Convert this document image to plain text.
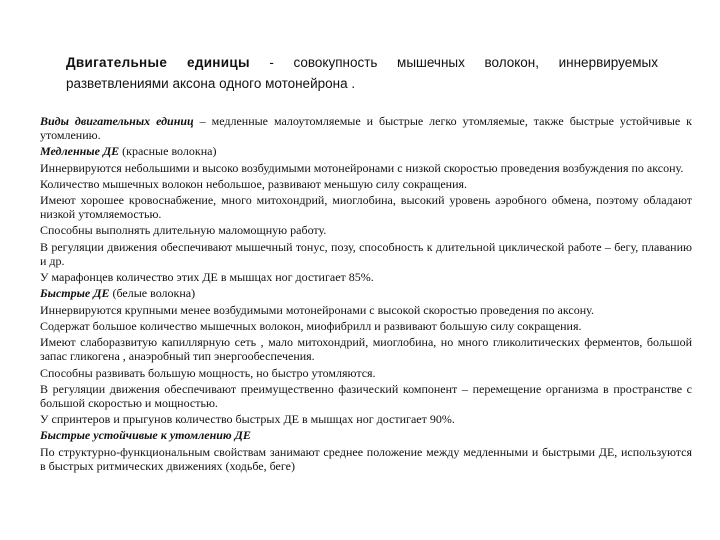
Двигательные единицы - совокупность мышечных волокон, иннервируемых
разветвлениями аксона одного мотонейрона .
Виды двигательных единиц – медленные малоутомляемые и быстрые легко утомляемые, также быстрые устойчивые к утомлению.
Медленные ДЕ (красные волокна)
Иннервируются небольшими и высоко возбудимыми мотонейронами с низкой скоростью проведения возбуждения по аксону.
Количество мышечных волокон небольшое, развивают меньшую силу сокращения.
Имеют хорошее кровоснабжение, много митохондрий, миоглобина, высокий уровень аэробного обмена, поэтому обладают низкой утомляемостью.
Способны выполнять длительную маломощную работу.
В регуляции движения обеспечивают мышечный тонус, позу, способность к длительной циклической работе – бегу, плаванию и др.
У марафонцев количество этих ДЕ в мышцах ног достигает 85%.
Быстрые ДЕ (белые волокна)
Иннервируются крупными менее возбудимыми мотонейронами с высокой скоростью проведения по аксону.
Содержат большое количество мышечных волокон, миофибрилл и развивают большую силу сокращения.
Имеют слаборазвитую капиллярную сеть , мало митохондрий, миоглобина, но много гликолитических ферментов, большой запас гликогена , анаэробный тип энергообеспечения.
Способны развивать большую мощность, но быстро утомляются.
В регуляции движения обеспечивают преимущественно фазический компонент – перемещение организма в пространстве с большой скоростью и мощностью.
У спринтеров и прыгунов количество быстрых ДЕ в мышцах ног достигает 90%.
Быстрые устойчивые к утомлению ДЕ
По структурно-функциональным свойствам занимают среднее положение между медленными и быстрыми ДЕ, используются в быстрых ритмических движениях (ходьбе, беге)
